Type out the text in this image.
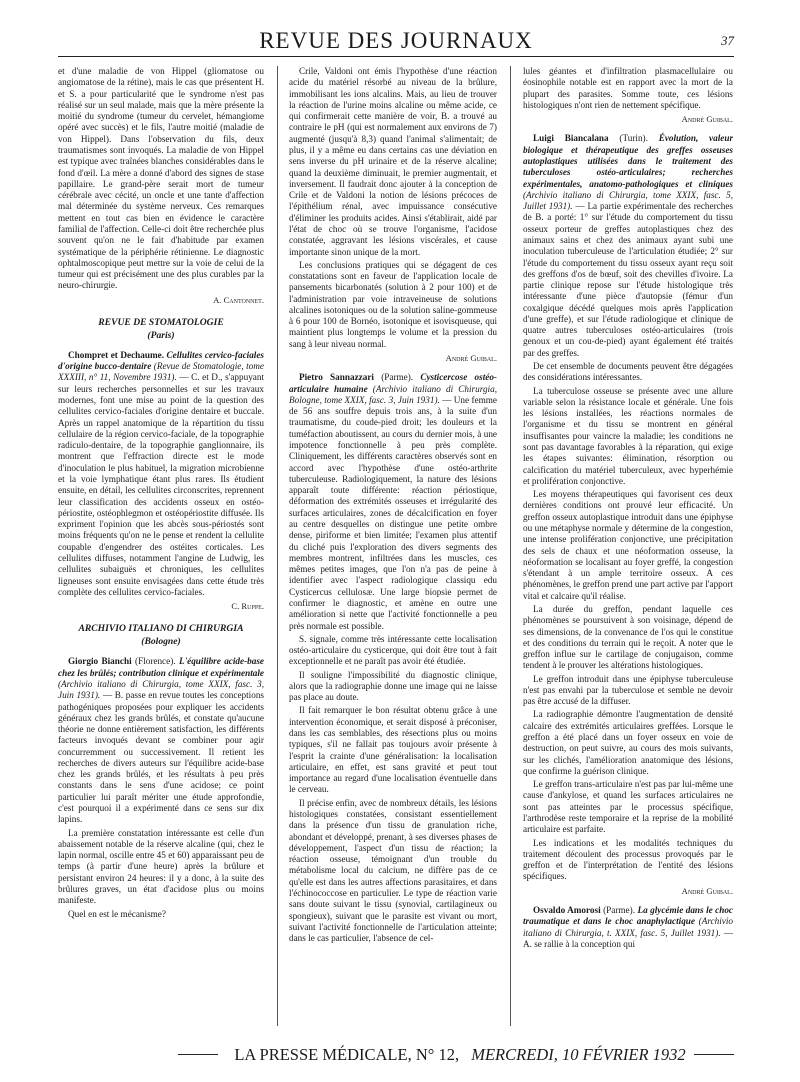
REVUE DES JOURNAUX	37

et d'une maladie de von Hippel (gliomatose ou angiomatose de la rétine), mais le cas que présentent H. et S. a pour particularité que le syndrome n'est pas réalisé sur un seul malade, mais que la mère présente la moitié du syndrome (tumeur du cervelet, hémangiome opéré avec succès) et le fils, l'autre moitié (maladie de von Hippel). Dans l'observation du fils, deux traumatismes sont invoqués. La maladie de von Hippel est typique avec traînées blanches considérables dans le fond d'œil. La mère a donné d'abord des signes de stase papillaire. Le grand-père serait mort de tumeur cérébrale avec cécité, un oncle et une tante d'affection mal déterminée du système nerveux. Ces remarques mettent en tout cas bien en évidence le caractère familial de l'affection. Celle-ci doit être recherchée plus souvent qu'on ne le fait d'habitude par examen systématique de la périphérie rétinienne. Le diagnostic ophtalmoscopique peut mettre sur la voie de celui de la tumeur qui est précisément une des plus curables par la neuro-chirurgie.

A. Cantonnet.
REVUE DE STOMATOLOGIE
(Paris)

Chompret et Dechaume. Cellulites cervico-faciales d'origine bucco-dentaire (Revue de Stomatologie, tome XXXIII, n° 11, Novembre 1931). — C. et D., s'appuyant sur leurs recherches personnelles et sur les travaux modernes, font une mise au point de la question des cellulites cervico-faciales d'origine dentaire et buccale. Après un rappel anatomique de la répartition du tissu cellulaire de la région cervico-faciale, de la topographie radiculo-dentaire, de la topographie ganglionnaire, ils montrent que l'effraction directe est le mode d'inoculation le plus habituel, la migration microbienne et la voie lymphatique étant plus rares. Ils étudient ensuite, en détail, les cellulites circonscrites, reprennent leur classification des accidents osseux en ostéo-périostite, ostéophlegmon et ostéopériostite diffusée. Ils expriment l'opinion que les abcès sous-périostés sont moins fréquents qu'on ne le pense et rendent la cellulite coupable d'engendrer des ostéites corticales. Les cellulites diffuses, notamment l'angine de Ludwig, les cellulites subaiguës et chroniques, les cellulites ligneuses sont ensuite envisagées dans cette étude très complète des cellulites cervico-faciales.

C. Ruppe.
ARCHIVIO ITALIANO DI CHIRURGIA
(Bologne)

Giorgio Bianchi (Florence). L'équilibre acide-base chez les brûlés; contribution clinique et expérimentale (Archivio italiano di Chirurgia, tome XXIX, fasc. 3, Juin 1931). — B. passe en revue toutes les conceptions pathogéniques proposées pour expliquer les accidents généraux chez les grands brûlés, et constate qu'aucune théorie ne donne entièrement satisfaction, les différents facteurs invoqués devant se combiner pour agir concurremment ou successivement. Il retient les recherches de divers auteurs sur l'équilibre acide-base chez les grands brûlés, et les résultats à peu près constants dans le sens d'une acidose; ce point particulier lui paraît mériter une étude approfondie, c'est pourquoi il a expérimenté dans ce sens sur dix lapins.

La première constatation intéressante est celle d'un abaissement notable de la réserve alcaline (qui, chez le lapin normal, oscille entre 45 et 60) apparaissant peu de temps (à partir d'une heure) après la brûlure et persistant environ 24 heures: il y a donc, à la suite des brûlures graves, un état d'acidose plus ou moins manifeste.

Quel en est le mécanisme?

Crile, Valdoni ont émis l'hypothèse d'une réaction acide du matériel résorbé au niveau de la brûlure, immobilisant les ions alcalins. Mais, au lieu de trouver la réaction de l'urine moins alcaline ou même acide, ce qui confirmerait cette manière de voir, B. a trouvé au contraire le pH (qui est normalement aux environs de 7) augmenté (jusqu'à 8,3) quand l'animal s'alimentait; de plus, il y a même eu dans certains cas une déviation en sens inverse du pH urinaire et de la réserve alcaline; quand la deuxième diminuait, le premier augmentait, et inversement. Il faudrait donc ajouter à la conception de Crile et de Valdoni la notion de lésions précoces de l'épithélium rénal, avec impuissance consécutive d'éliminer les produits acides. Ainsi s'établirait, aidé par l'état de choc où se trouve l'organisme, l'acidose constatée, aggravant les lésions viscérales, et cause importante sinon unique de la mort.

Les conclusions pratiques qui se dégagent de ces constatations sont en faveur de l'application locale de pansements bicarbonatés (solution à 2 pour 100) et de l'administration par voie intraveineuse de solutions alcalines isotoniques ou de la solution saline-gommeuse à 6 pour 100 de Bornéo, isotonique et isovisqueuse, qui maintient plus longtemps le volume et la pression du sang à leur niveau normal.

André Guibal.

Pietro Sannazzari (Parme). Cysticercose ostéo-articulaire humaine (Archivio italiano di Chirurgia, Bologne, tome XXIX, fasc. 3, Juin 1931). — Une femme de 56 ans souffre depuis trois ans, à la suite d'un traumatisme, du coude-pied droit; les douleurs et la tuméfaction aboutissent, au cours du dernier mois, à une impotence fonctionnelle à peu près complète. Cliniquement, les différents caractères observés sont en accord avec l'hypothèse d'une ostéo-arthrite tuberculeuse. Radiologiquement, la nature des lésions apparaît toute différente: réaction périostique, déformation des extrémités osseuses et irrégularité des surfaces articulaires, zones de décalcification en foyer au centre desquelles on distingue une petite ombre dense, piriforme et bien limitée; l'examen plus attentif du cliché puis l'exploration des divers segments des membres montrent, infiltrées dans les muscles, ces mêmes petites images, que l'on n'a pas de peine à identifier avec l'aspect radiologique classiqu edu Cysticercus cellulosæ. Une large biopsie permet de confirmer le diagnostic, et amène en outre une amélioration si nette que l'activité fonctionnelle a peu près normale est possible.

S. signale, comme très intéressante cette localisation ostéo-articulaire du cysticerque, qui doit être tout à fait exceptionnelle et ne paraît pas avoir été étudiée.

Il souligne l'impossibilité du diagnostic clinique, alors que la radiographie donne une image qui ne laisse pas place au doute.

Il fait remarquer le bon résultat obtenu grâce à une intervention économique, et serait disposé à préconiser, dans les cas semblables, des résections plus ou moins typiques, s'il ne fallait pas toujours avoir présente à l'esprit la crainte d'une généralisation: la localisation articulaire, en effet, est sans gravité et peut tout importance au regard d'une localisation éventuelle dans le cerveau.

Il précise enfin, avec de nombreux détails, les lésions histologiques constatées, consistant essentiellement dans la présence d'un tissu de granulation riche, abondant et développé, prenant, à ses diverses phases de développement, l'aspect d'un tissu de réaction; la réaction osseuse, témoignant d'un trouble du métabolisme local du calcium, ne diffère pas de ce qu'elle est dans les autres affections parasitaires, et dans l'échinococcose en particulier. Le type de réaction varie sans doute suivant le tissu (synovial, cartilagineux ou spongieux), suivant que le parasite est vivant ou mort, suivant l'activité fonctionnelle de l'articulation atteinte; dans le cas particulier, l'absence de cel-

lules géantes et d'infiltration plasmacellulaire ou éosinophile notable est en rapport avec la mort de la plupart des parasites. Somme toute, ces lésions histologiques n'ont rien de nettement spécifique.

André Guibal.

Luigi Biancalana (Turin). Évolution, valeur biologique et thérapeutique des greffes osseuses autoplastiques utilisées dans le traitement des tuberculoses ostéo-articulaires; recherches expérimentales, anatomo-pathologiques et cliniques (Archivio italiano di Chirurgia, tome XXIX, fasc. 5, Juillet 1931). — La partie expérimentale des recherches de B. a porté: 1° sur l'étude du comportement du tissu osseux porteur de greffes autoplastiques chez des animaux sains et chez des animaux ayant subi une inoculation tuberculeuse de l'articulation étudiée; 2° sur l'étude du comportement du tissu osseux ayant reçu soit des greffons d'os de bœuf, soit des chevilles d'ivoire. La partie clinique repose sur l'étude histologique très intéressante d'une pièce d'autopsie (fémur d'un coxalgique décédé quelques mois après l'application d'une greffe), et sur l'étude radiologique et clinique de quatre autres tuberculoses ostéo-articulaires (trois genoux et un cou-de-pied) ayant également été traités par des greffes.

De cet ensemble de documents peuvent être dégagées des considérations intéressantes.

La tuberculose osseuse se présente avec une allure variable selon la résistance locale et générale. Une fois les lésions installées, les réactions normales de l'organisme et du tissu se montrent en général insuffisantes pour vaincre la maladie; les conditions ne sont pas davantage favorables à la réparation, qui exige les étapes suivantes: élimination, résorption ou calcification du matériel tuberculeux, avec hyperhémie et prolifération conjonctive.

Les moyens thérapeutiques qui favorisent ces deux dernières conditions ont prouvé leur efficacité. Un greffon osseux autoplastique introduit dans une épiphyse ou une métaphyse normale y détermine de la congestion, une intense prolifération conjonctive, une précipitation des sels de chaux et une néoformation osseuse, la néoformation se localisant au foyer greffé, la congestion s'étendant à un ample territoire osseux. A ces phénomènes, le greffon prend une part active par l'apport vital et calcaire qu'il réalise.

La durée du greffon, pendant laquelle ces phénomènes se poursuivent à son voisinage, dépend de ses dimensions, de la convenance de l'os qui le constitue et des conditions du terrain qui le reçoit. A noter que le greffon influe sur le cartilage de conjugaison, comme tendent à le prouver les altérations histologiques.

Le greffon introduit dans une épiphyse tuberculeuse n'est pas envahi par la tuberculose et semble ne devoir pas être accusé de la diffuser.

La radiographie démontre l'augmentation de densité calcaire des extrémités articulaires greffées. Lorsque le greffon a été placé dans un foyer osseux en voie de destruction, on peut suivre, au cours des mois suivants, sur les clichés, l'amélioration anatomique des lésions, que confirme la guérison clinique.

Le greffon trans-articulaire n'est pas par lui-même une cause d'ankylose, et quand les surfaces articulaires ne sont pas atteintes par le processus spécifique, l'arthrodèse reste temporaire et la reprise de la mobilité articulaire est parfaite.

Les indications et les modalités techniques du traitement découlent des processus provoqués par le greffon et de l'interprétation de l'entité des lésions spécifiques.

André Guibal.

Osvaldo Amorosi (Parme). La glycémie dans le choc traumatique et dans le choc anaphylactique (Archivio italiano di Chirurgia, t. XXIX, fasc. 5, Juillet 1931). — A. se rallie à la conception qui

LA PRESSE MÉDICALE, N° 12, MERCREDI, 10 FÉVRIER 1932
